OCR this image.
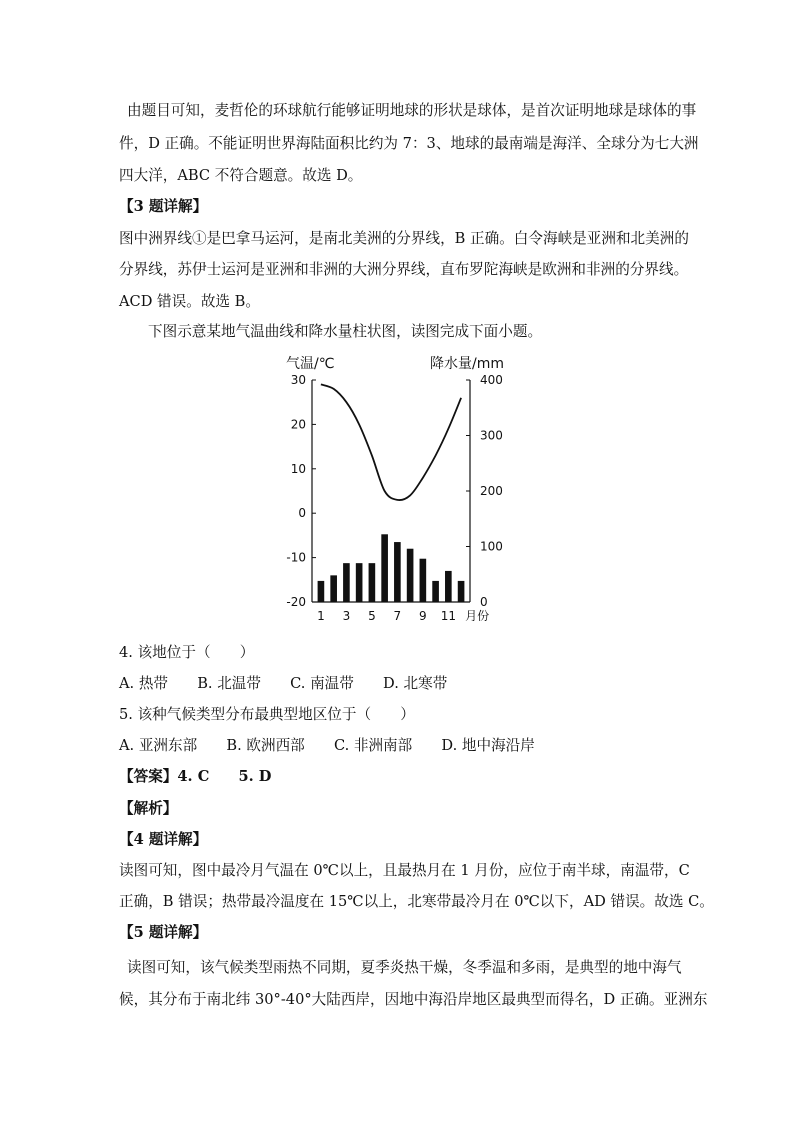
由题目可知，麦哲伦的环球航行能够证明地球的形状是球体，是首次证明地球是球体的事
件，D 正确。不能证明世界海陆面积比约为 7：3、地球的最南端是海洋、全球分为七大洲
四大洋，ABC 不符合题意。故选 D。
【3 题详解】
图中洲界线①是巴拿马运河，是南北美洲的分界线，B 正确。白令海峡是亚洲和北美洲的
分界线，苏伊士运河是亚洲和非洲的大洲分界线，直布罗陀海峡是欧洲和非洲的分界线。
ACD 错误。故选 B。
下图示意某地气温曲线和降水量柱状图，读图完成下面小题。
气温/℃	降水量/mm
30
20
10
0
-10
-20
400
300
200
100
0
1 3 5 7 9 11 月份
4. 该地位于（　　）
A. 热带　　B. 北温带　　C. 南温带　　D. 北寒带
5. 该种气候类型分布最典型地区位于（　　）
A. 亚洲东部　　B. 欧洲西部　　C. 非洲南部　　D. 地中海沿岸
【答案】4. C　　5. D
【解析】
【4 题详解】
读图可知，图中最冷月气温在 0℃以上，且最热月在 1 月份，应位于南半球，南温带，C
正确，B 错误；热带最冷温度在 15℃以上，北寒带最冷月在 0℃以下，AD 错误。故选 C。
【5 题详解】
读图可知，该气候类型雨热不同期，夏季炎热干燥，冬季温和多雨，是典型的地中海气
候，其分布于南北纬 30°-40°大陆西岸，因地中海沿岸地区最典型而得名，D 正确。亚洲东
